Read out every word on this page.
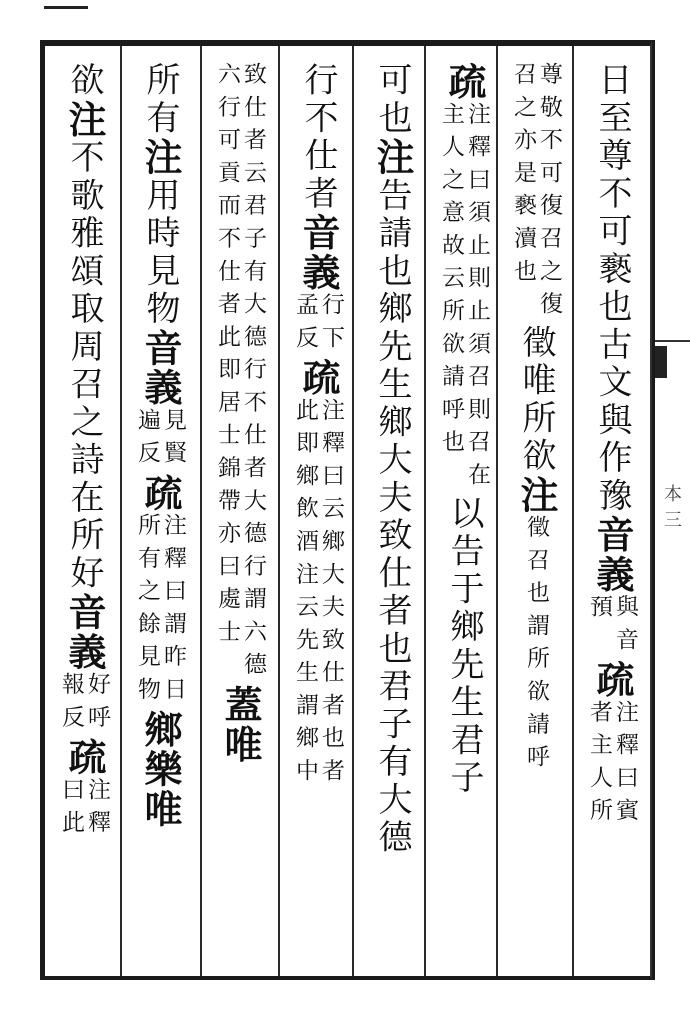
本三
日至尊不可褻也古文與作豫
音義
與音
預
疏
注釋曰賓
者主人所
尊敬不可復召之復
召之亦是褻瀆也
徵唯所欲
注
徵召也謂所欲請呼
疏
注釋曰須止則止須召則召在
主人之意故云所欲請呼也
以告于鄉先生君子
可也
注
告請也鄉先生鄉大夫致仕者也君子有大德
行不仕者
音義
行下
孟反
疏
注釋曰云鄉大夫致仕者也者
此即鄉飲酒注云先生謂鄉中
致仕者云君子有大德行不仕者大德行謂六德
六行可貢而不仕者此即居士錦帶亦曰處士
蓋唯
所有
注
用時見物
音義
見賢
遍反
疏
注釋曰謂昨日
所有之餘見物
鄉樂唯
欲
注
不歌雅頌取周召之詩在所好
音義
好呼
報反
疏
注釋
曰此
